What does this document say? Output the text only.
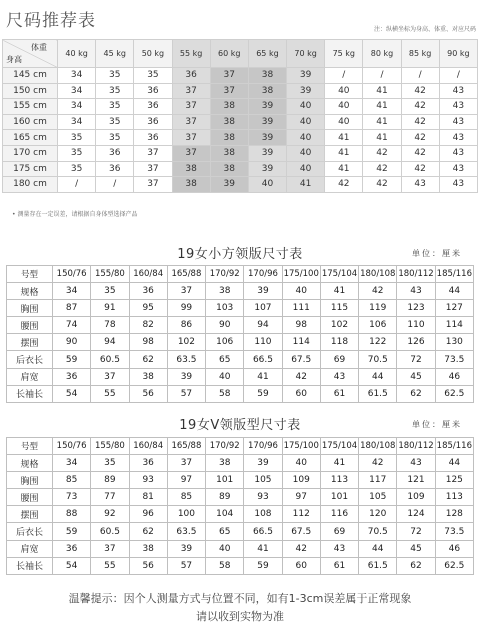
尺码推荐表	注：纵横坐标为身高、体重、对应尺码
体重
身高	40 kg	45 kg	50 kg	55 kg	60 kg	65 kg	70 kg	75 kg	80 kg	85 kg	90 kg
145 cm	34	35	35	36	37	38	39	/	/	/	/
150 cm	34	35	36	37	37	38	39	40	41	42	43
155 cm	34	35	36	37	38	39	40	40	41	42	43
160 cm	34	35	36	37	38	39	40	40	41	42	43
165 cm	35	35	36	37	38	39	40	41	41	42	43
170 cm	35	36	37	37	38	39	40	41	42	42	43
175 cm	35	36	37	38	38	39	40	41	42	42	43
180 cm	/	/	37	38	39	40	41	42	42	43	43
• 测量存在一定误差，请根据自身体型选择产品
19女小方领版尺寸表	单位：厘米
号型	150/76	155/80	160/84	165/88	170/92	170/96	175/100	175/104	180/108	180/112	185/116
规格	34	35	36	37	38	39	40	41	42	43	44
胸围	87	91	95	99	103	107	111	115	119	123	127
腰围	74	78	82	86	90	94	98	102	106	110	114
摆围	90	94	98	102	106	110	114	118	122	126	130
后衣长	59	60.5	62	63.5	65	66.5	67.5	69	70.5	72	73.5
肩宽	36	37	38	39	40	41	42	43	44	45	46
长袖长	54	55	56	57	58	59	60	61	61.5	62	62.5
19女V领版型尺寸表	单位：厘米
号型	150/76	155/80	160/84	165/88	170/92	170/96	175/100	175/104	180/108	180/112	185/116
规格	34	35	36	37	38	39	40	41	42	43	44
胸围	85	89	93	97	101	105	109	113	117	121	125
腰围	73	77	81	85	89	93	97	101	105	109	113
摆围	88	92	96	100	104	108	112	116	120	124	128
后衣长	59	60.5	62	63.5	65	66.5	67.5	69	70.5	72	73.5
肩宽	36	37	38	39	40	41	42	43	44	45	46
长袖长	54	55	56	57	58	59	60	61	61.5	62	62.5
温馨提示：因个人测量方式与位置不同，如有1-3cm误差属于正常现象
请以收到实物为准
